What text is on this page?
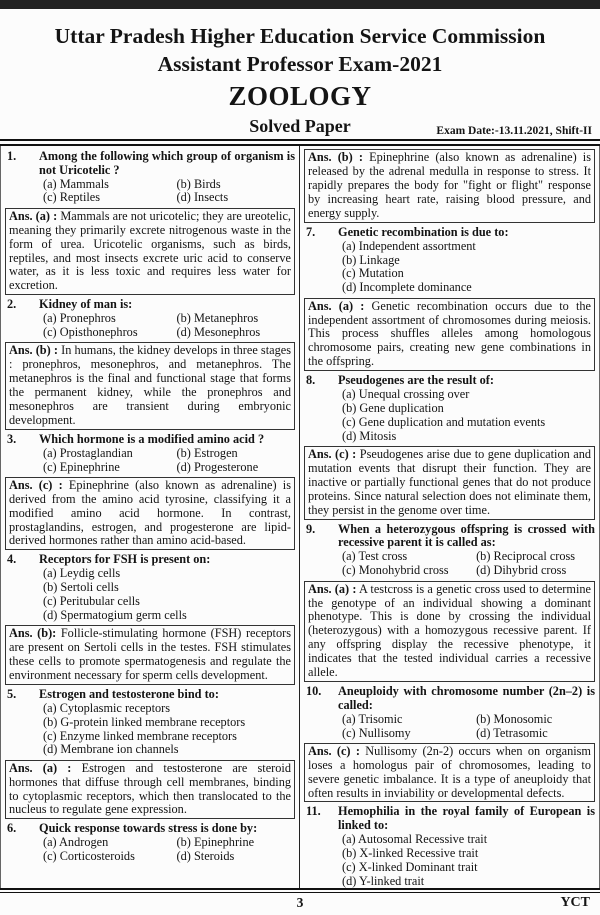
Uttar Pradesh Higher Education Service Commission
Assistant Professor Exam-2021
ZOOLOGY
Solved Paper	Exam Date:-13.11.2021, Shift-II
1.	Among the following which group of organism is not Uricotelic ?
(a) Mammals	(b) Birds
(c) Reptiles	(d) Insects
Ans. (a) : Mammals are not uricotelic; they are ureotelic, meaning they primarily excrete nitrogenous waste in the form of urea. Uricotelic organisms, such as birds, reptiles, and most insects excrete uric acid to conserve water, as it is less toxic and requires less water for excretion.
2.	Kidney of man is:
(a) Pronephros	(b) Metanephros
(c) Opisthonephros	(d) Mesonephros
Ans. (b) : In humans, the kidney develops in three stages : pronephros, mesonephros, and metanephros. The metanephros is the final and functional stage that forms the permanent kidney, while the pronephros and mesonephros are transient during embryonic development.
3.	Which hormone is a modified amino acid ?
(a) Prostaglandian	(b) Estrogen
(c) Epinephrine	(d) Progesterone
Ans. (c) : Epinephrine (also known as adrenaline) is derived from the amino acid tyrosine, classifying it a modified amino acid hormone. In contrast, prostaglandins, estrogen, and progesterone are lipid-derived hormones rather than amino acid-based.
4.	Receptors for FSH is present on:
(a) Leydig cells
(b) Sertoli cells
(c) Peritubular cells
(d) Spermatogium germ cells
Ans. (b): Follicle-stimulating hormone (FSH) receptors are present on Sertoli cells in the testes. FSH stimulates these cells to promote spermatogenesis and regulate the environment necessary for sperm cells development.
5.	Estrogen and testosterone bind to:
(a) Cytoplasmic receptors
(b) G-protein linked membrane receptors
(c) Enzyme linked membrane receptors
(d) Membrane ion channels
Ans. (a) : Estrogen and testosterone are steroid hormones that diffuse through cell membranes, binding to cytoplasmic receptors, which then translocated to the nucleus to regulate gene expression.
6.	Quick response towards stress is done by:
(a) Androgen	(b) Epinephrine
(c) Corticosteroids	(d) Steroids
Ans. (b) : Epinephrine (also known as adrenaline) is released by the adrenal medulla in response to stress. It rapidly prepares the body for "fight or flight" response by increasing heart rate, raising blood pressure, and energy supply.
7.	Genetic recombination is due to:
(a) Independent assortment
(b) Linkage
(c) Mutation
(d) Incomplete dominance
Ans. (a) : Genetic recombination occurs due to the independent assortment of chromosomes during meiosis. This process shuffles alleles among homologous chromosome pairs, creating new gene combinations in the offspring.
8.	Pseudogenes are the result of:
(a) Unequal crossing over
(b) Gene duplication
(c) Gene duplication and mutation events
(d) Mitosis
Ans. (c) : Pseudogenes arise due to gene duplication and mutation events that disrupt their function. They are inactive or partially functional genes that do not produce proteins. Since natural selection does not eliminate them, they persist in the genome over time.
9.	When a heterozygous offspring is crossed with recessive parent it is called as:
(a) Test cross	(b) Reciprocal cross
(c) Monohybrid cross	(d) Dihybrid cross
Ans. (a) : A testcross is a genetic cross used to determine the genotype of an individual showing a dominant phenotype. This is done by crossing the individual (heterozygous) with a homozygous recessive parent. If any offspring display the recessive phenotype, it indicates that the tested individual carries a recessive allele.
10.	Aneuploidy with chromosome number (2n–2) is called:
(a) Trisomic	(b) Monosomic
(c) Nullisomy	(d) Tetrasomic
Ans. (c) : Nullisomy (2n-2) occurs when on organism loses a homologus pair of chromosomes, leading to severe genetic imbalance. It is a type of aneuploidy that often results in inviability or developmental defects.
11.	Hemophilia in the royal family of European is linked to:
(a) Autosomal Recessive trait
(b) X-linked Recessive trait
(c) X-linked Dominant trait
(d) Y-linked trait
3	YCT
